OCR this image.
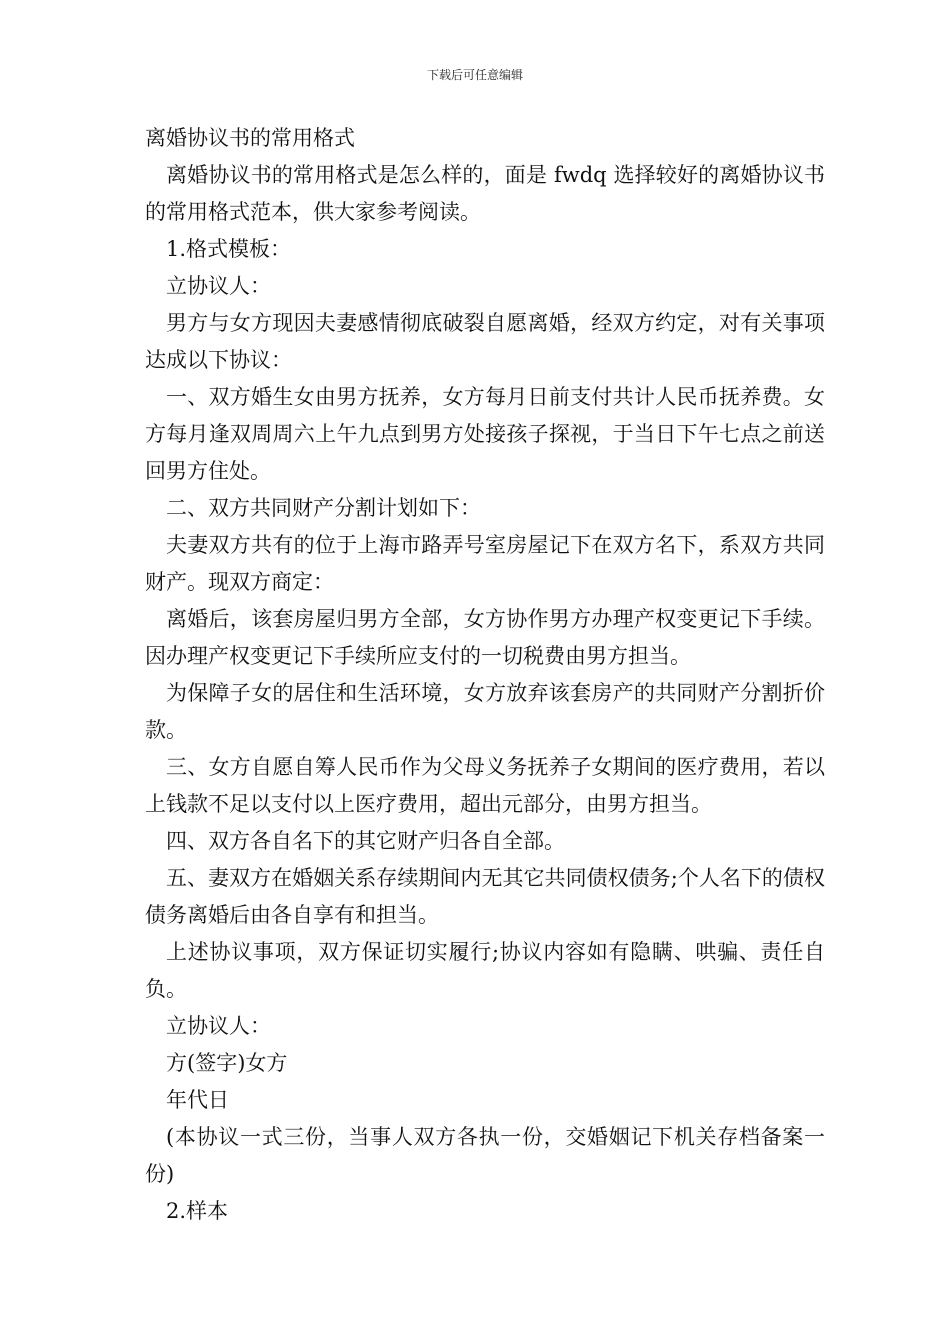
下载后可任意编辑

离婚协议书的常用格式

离婚协议书的常用格式是怎么样的，面是 fwdq 选择较好的离婚协议书的常用格式范本，供大家参考阅读。

1.格式模板：

立协议人：

男方与女方现因夫妻感情彻底破裂自愿离婚，经双方约定，对有关事项达成以下协议：

一、双方婚生女由男方抚养，女方每月日前支付共计人民币抚养费。女方每月逢双周周六上午九点到男方处接孩子探视，于当日下午七点之前送回男方住处。

二、双方共同财产分割计划如下：

夫妻双方共有的位于上海市路弄号室房屋记下在双方名下，系双方共同财产。现双方商定：

离婚后，该套房屋归男方全部，女方协作男方办理产权变更记下手续。因办理产权变更记下手续所应支付的一切税费由男方担当。

为保障子女的居住和生活环境，女方放弃该套房产的共同财产分割折价款。

三、女方自愿自筹人民币作为父母义务抚养子女期间的医疗费用，若以上钱款不足以支付以上医疗费用，超出元部分，由男方担当。

四、双方各自名下的其它财产归各自全部。

五、妻双方在婚姻关系存续期间内无其它共同债权债务;个人名下的债权债务离婚后由各自享有和担当。

上述协议事项，双方保证切实履行;协议内容如有隐瞒、哄骗、责任自负。

立协议人：

方(签字)女方

年代日

(本协议一式三份，当事人双方各执一份，交婚姻记下机关存档备案一份)

2.样本
